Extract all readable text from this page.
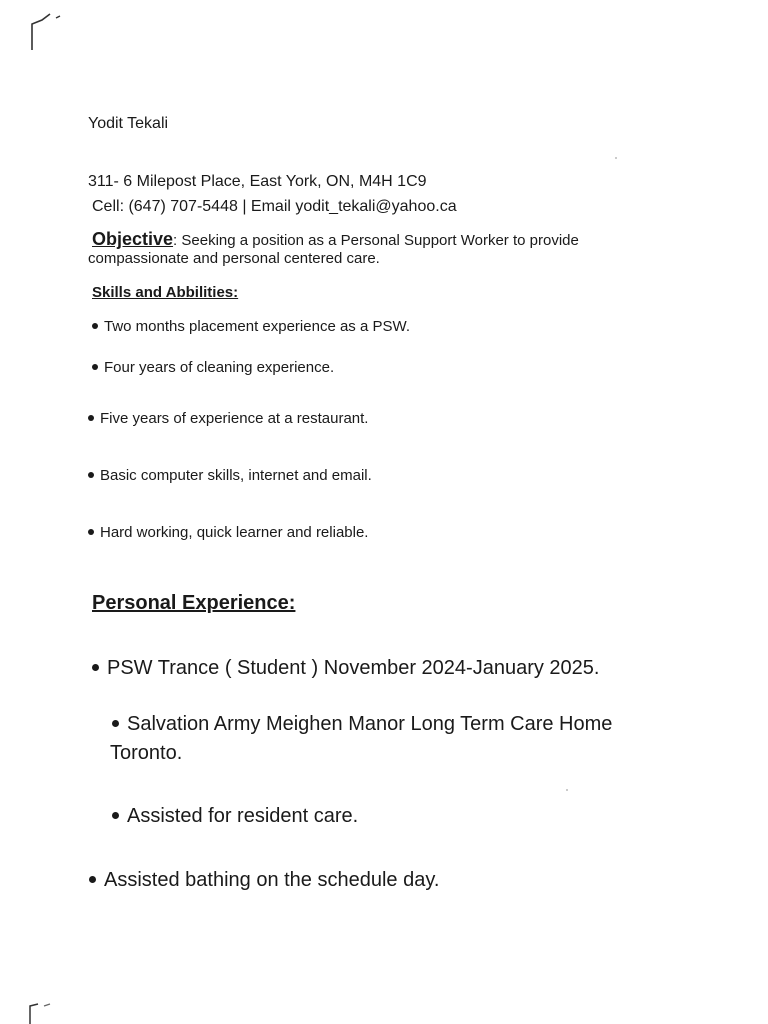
Yodit Tekali
311- 6 Milepost Place, East York, ON, M4H 1C9
Cell: (647) 707-5448 | Email yodit_tekali@yahoo.ca
Objective: Seeking a position as a Personal Support Worker to provide
compassionate and personal centered care.
Skills and Abbilities:
Two months placement experience as a PSW.
Four years of cleaning experience.
Five years of experience at a restaurant.
Basic computer skills, internet and email.
Hard working, quick learner and reliable.
Personal Experience:
PSW Trance ( Student ) November 2024-January 2025.
Salvation Army Meighen Manor Long Term Care Home
Toronto.
Assisted for resident care.
Assisted bathing on the schedule day.
